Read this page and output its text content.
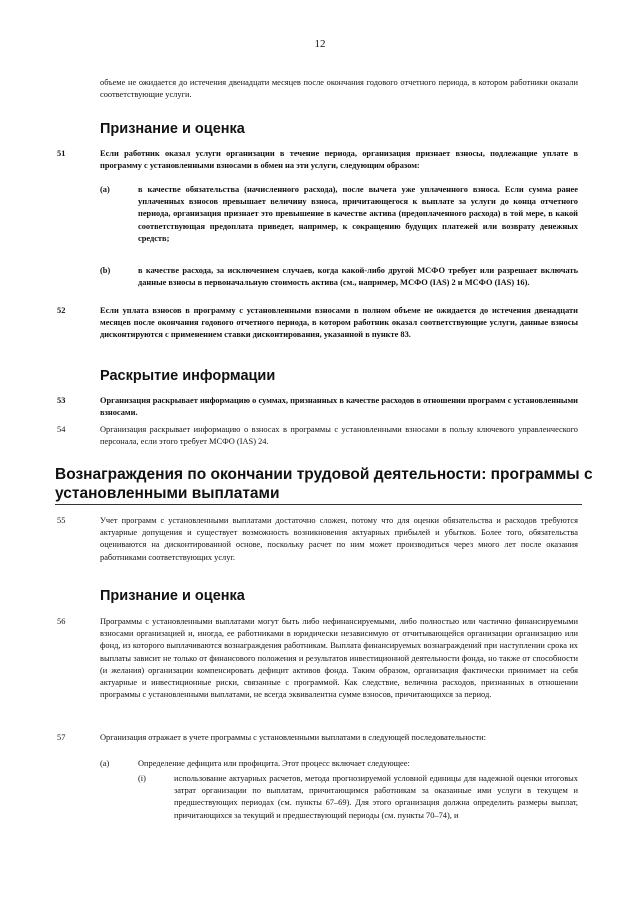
12
объеме не ожидается до истечения двенадцати месяцев после окончания годового отчетного периода, в котором работники оказали соответствующие услуги.
Признание и оценка
51	Если работник оказал услуги организации в течение периода, организация признает взносы, подлежащие уплате в программу с установленными взносами в обмен на эти услуги, следующим образом:
(a)	в качестве обязательства (начисленного расхода), после вычета уже уплаченного взноса. Если сумма ранее уплаченных взносов превышает величину взноса, причитающегося к выплате за услуги до конца отчетного периода, организация признает это превышение в качестве актива (предоплаченного расхода) в той мере, в какой соответствующая предоплата приведет, например, к сокращению будущих платежей или возврату денежных средств;
(b)	в качестве расхода, за исключением случаев, когда какой-либо другой МСФО требует или разрешает включать данные взносы в первоначальную стоимость актива (см., например, МСФО (IAS) 2 и МСФО (IAS) 16).
52	Если уплата взносов в программу с установленными взносами в полном объеме не ожидается до истечения двенадцати месяцев после окончания годового отчетного периода, в котором работник оказал соответствующие услуги, данные взносы дисконтируются с применением ставки дисконтирования, указанной в пункте 83.
Раскрытие информации
53	Организация раскрывает информацию о суммах, признанных в качестве расходов в отношении программ с установленными взносами.
54	Организация раскрывает информацию о взносах в программы с установленными взносами в пользу ключевого управленческого персонала, если этого требует МСФО (IAS) 24.
Вознаграждения по окончании трудовой деятельности: программы с
установленными выплатами
55	Учет программ с установленными выплатами достаточно сложен, потому что для оценки обязательства и расходов требуются актуарные допущения и существует возможность возникновения актуарных прибылей и убытков. Более того, обязательства оцениваются на дисконтированной основе, поскольку расчет по ним может производиться через много лет после оказания работниками соответствующих услуг.
Признание и оценка
56	Программы с установленными выплатами могут быть либо нефинансируемыми, либо полностью или частично финансируемыми взносами организацией и, иногда, ее работниками в юридически независимую от отчитывающейся организации организацию или фонд, из которого выплачиваются вознаграждения работникам. Выплата финансируемых вознаграждений при наступлении срока их выплаты зависит не только от финансового положения и результатов инвестиционной деятельности фонда, но также от способности (и желания) организации компенсировать дефицит активов фонда. Таким образом, организация фактически принимает на себя актуарные и инвестиционные риски, связанные с программой. Как следствие, величина расходов, признанных в отношении программы с установленными выплатами, не всегда эквивалентна сумме взносов, причитающихся за период.
57	Организация отражает в учете программы с установленными выплатами в следующей последовательности:
(a)	Определение дефицита или профицита. Этот процесс включает следующее:
(i)	использование актуарных расчетов, метода прогнозируемой условной единицы для надежной оценки итоговых затрат организации по выплатам, причитающимся работникам за оказанные ими услуги в текущем и предшествующих периодах (см. пункты 67–69). Для этого организация должна определить размеры выплат, причитающихся за текущий и предшествующий периоды (см. пункты 70–74), и
